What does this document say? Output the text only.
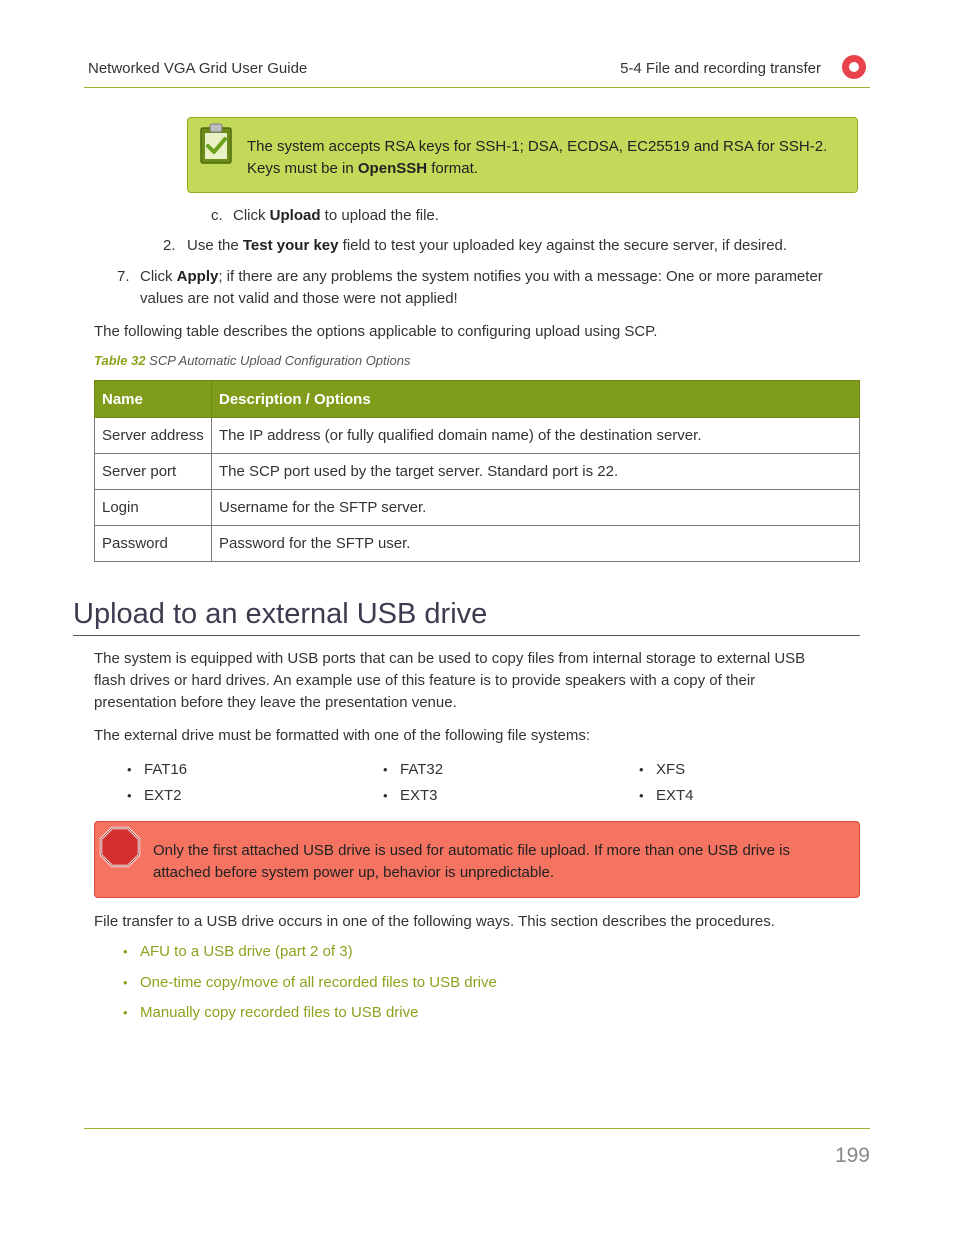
Networked VGA Grid User Guide	5-4 File and recording transfer
The system accepts RSA keys for SSH-1; DSA, ECDSA, EC25519 and RSA for SSH-2.
Keys must be in OpenSSH format.
c. Click Upload to upload the file.
2. Use the Test your key field to test your uploaded key against the secure server, if desired.
7. Click Apply; if there are any problems the system notifies you with a message: One or more parameter
values are not valid and those were not applied!
The following table describes the options applicable to configuring upload using SCP.
Table 32 SCP Automatic Upload Configuration Options
Name	Description / Options
Server address	The IP address (or fully qualified domain name) of the destination server.
Server port	The SCP port used by the target server. Standard port is 22.
Login	Username for the SFTP server.
Password	Password for the SFTP user.
Upload to an external USB drive
The system is equipped with USB ports that can be used to copy files from internal storage to external USB
flash drives or hard drives. An example use of this feature is to provide speakers with a copy of their
presentation before they leave the presentation venue.
The external drive must be formatted with one of the following file systems:
• FAT16	• FAT32	• XFS
• EXT2	• EXT3	• EXT4
Only the first attached USB drive is used for automatic file upload. If more than one USB drive is
attached before system power up, behavior is unpredictable.
File transfer to a USB drive occurs in one of the following ways. This section describes the procedures.
• AFU to a USB drive (part 2 of 3)
• One-time copy/move of all recorded files to USB drive
• Manually copy recorded files to USB drive
199
